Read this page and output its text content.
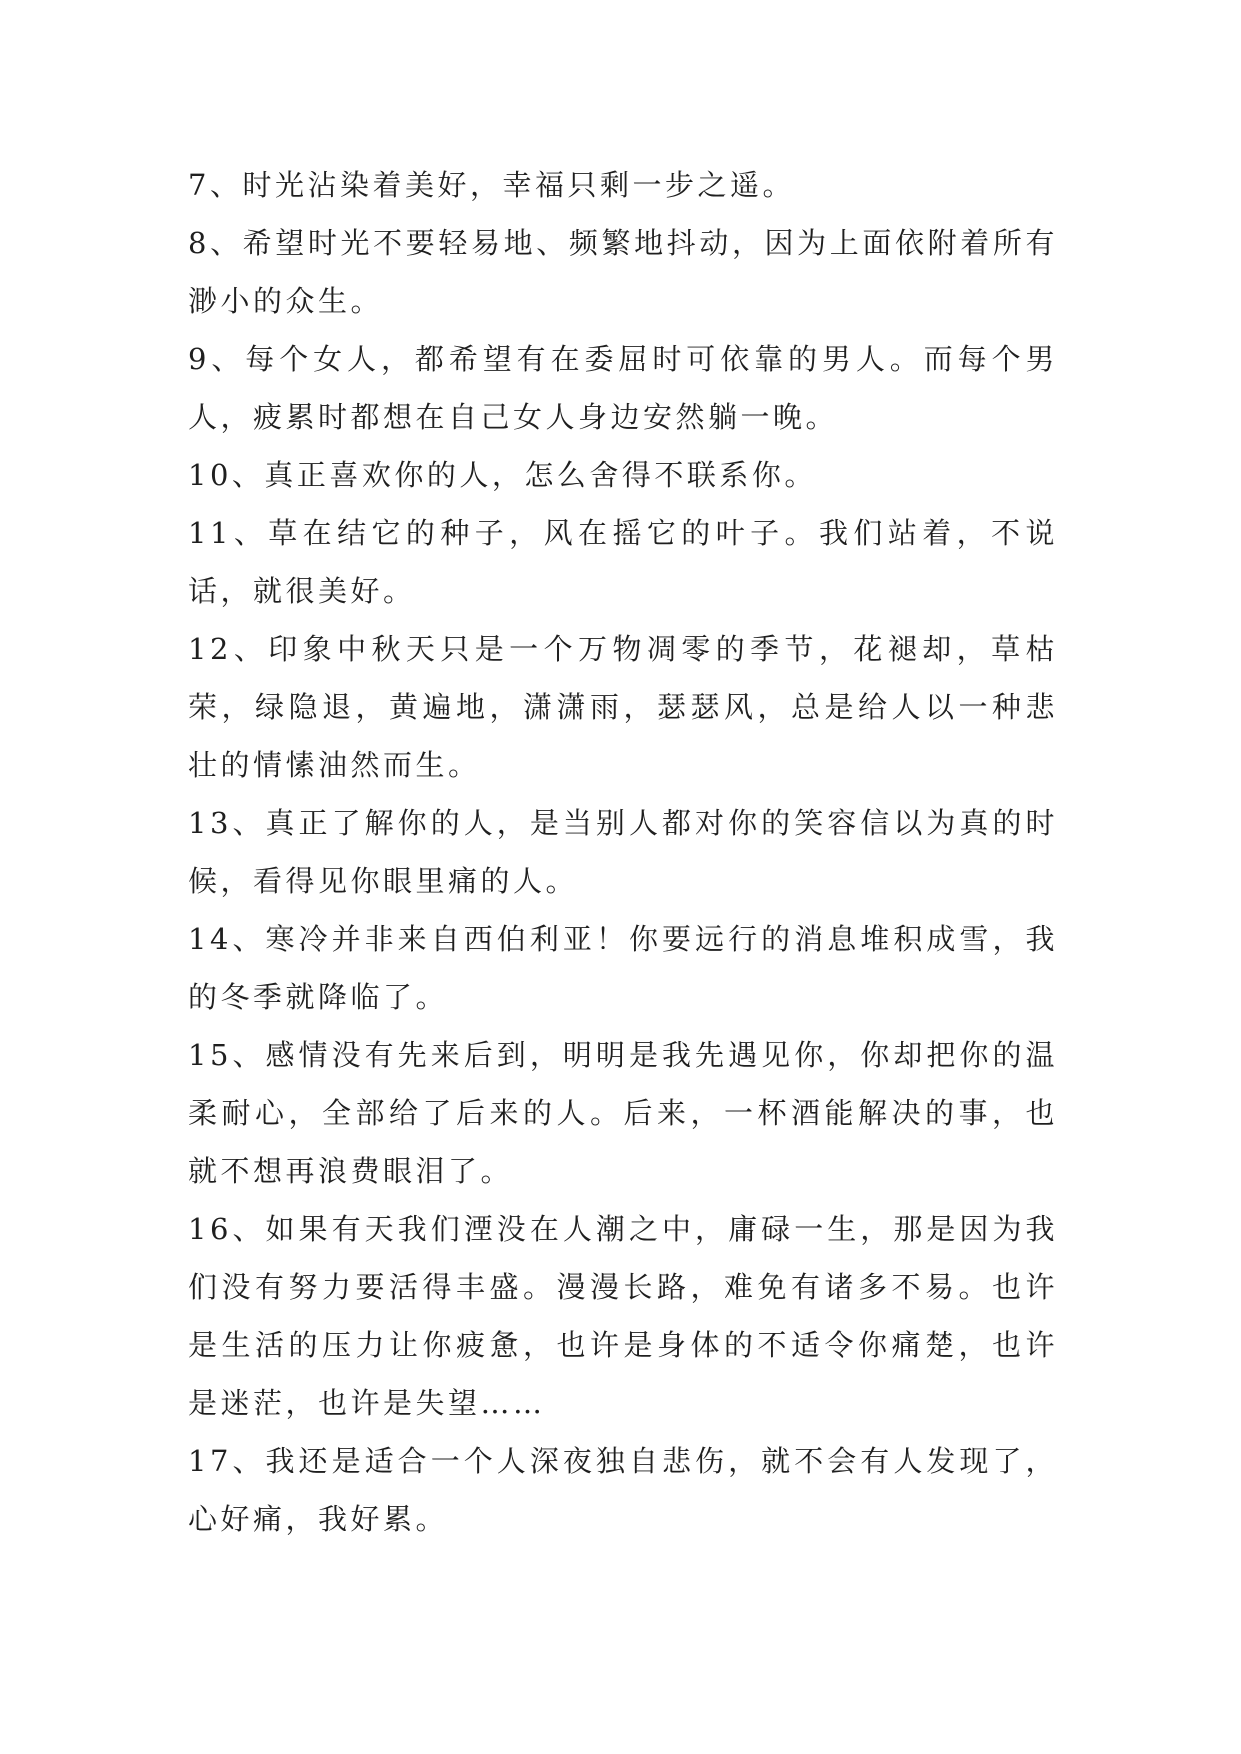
7、时光沾染着美好，幸福只剩一步之遥。

8、希望时光不要轻易地、频繁地抖动，因为上面依附着所有渺小的众生。

9、每个女人，都希望有在委屈时可依靠的男人。而每个男人，疲累时都想在自己女人身边安然躺一晚。

10、真正喜欢你的人，怎么舍得不联系你。

11、草在结它的种子，风在摇它的叶子。我们站着，不说话，就很美好。

12、印象中秋天只是一个万物凋零的季节，花褪却，草枯荣，绿隐退，黄遍地，潇潇雨，瑟瑟风，总是给人以一种悲壮的情愫油然而生。

13、真正了解你的人，是当别人都对你的笑容信以为真的时候，看得见你眼里痛的人。

14、寒冷并非来自西伯利亚！你要远行的消息堆积成雪，我的冬季就降临了。

15、感情没有先来后到，明明是我先遇见你，你却把你的温柔耐心，全部给了后来的人。后来，一杯酒能解决的事，也就不想再浪费眼泪了。

16、如果有天我们湮没在人潮之中，庸碌一生，那是因为我们没有努力要活得丰盛。漫漫长路，难免有诸多不易。也许是生活的压力让你疲惫，也许是身体的不适令你痛楚，也许是迷茫，也许是失望……

17、我还是适合一个人深夜独自悲伤，就不会有人发现了，心好痛，我好累。
